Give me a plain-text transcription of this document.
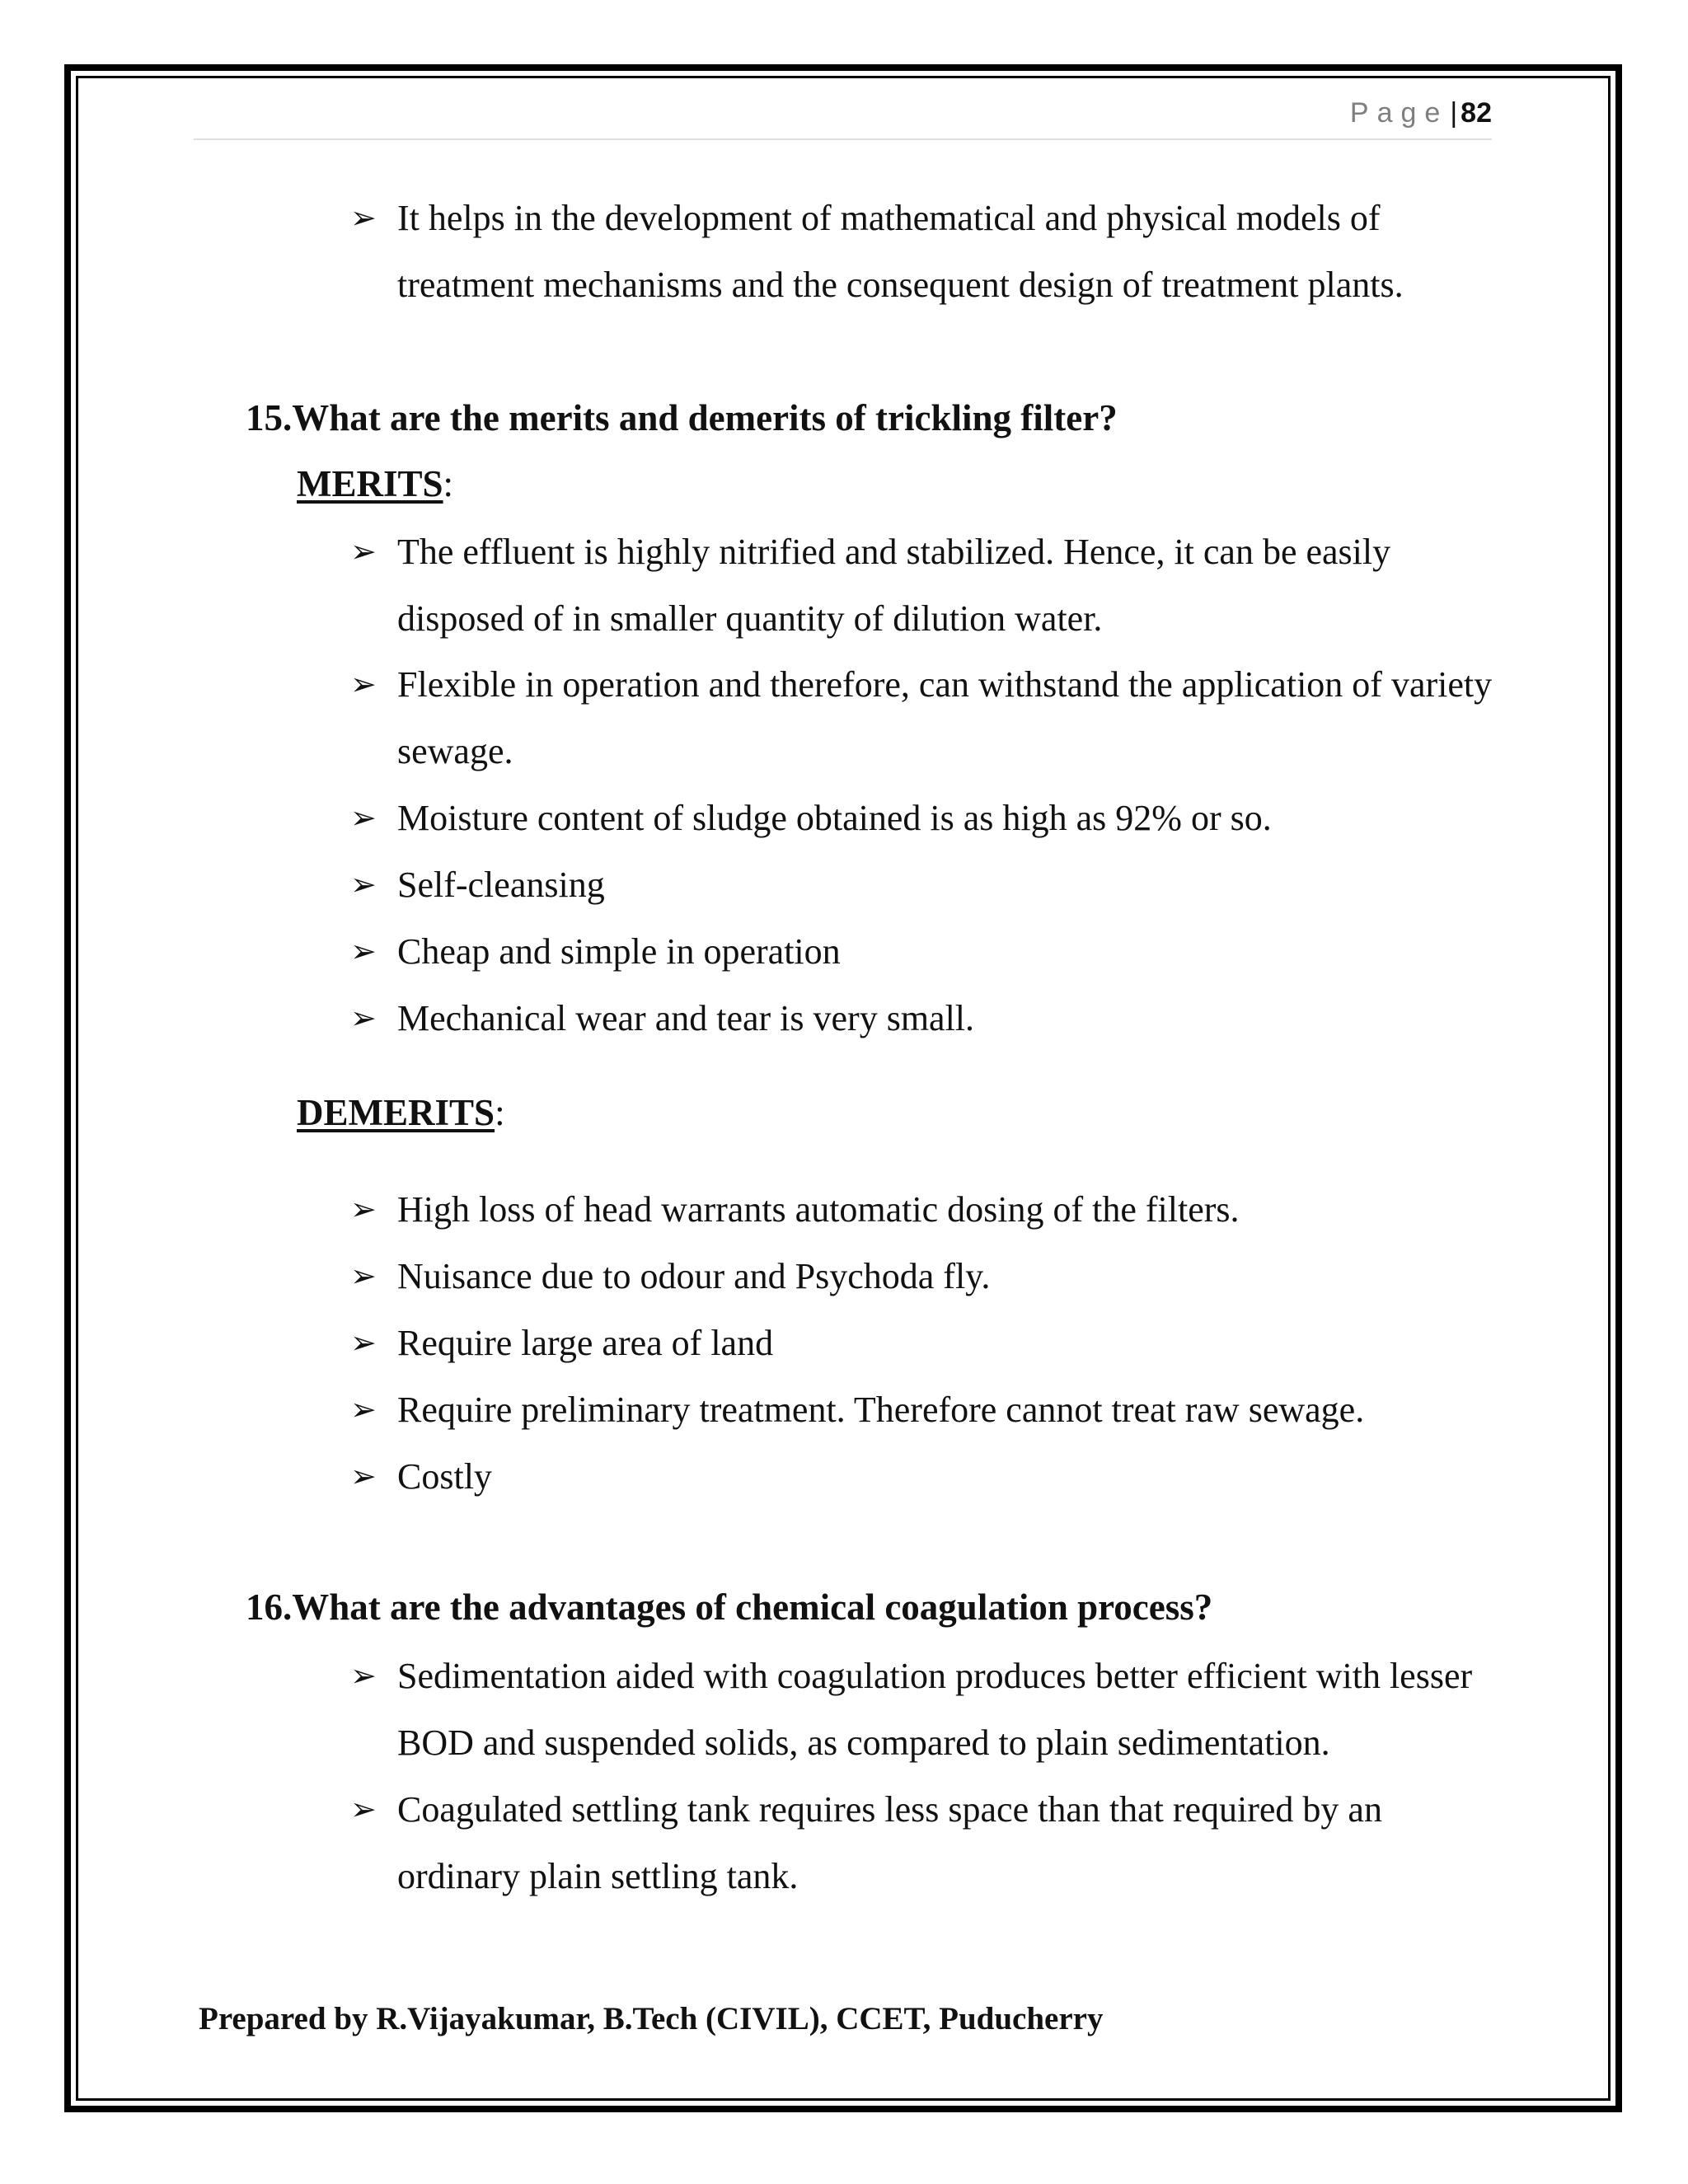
Page| 82
➢ It helps in the development of mathematical and physical models of treatment mechanisms and the consequent design of treatment plants.
15.What are the merits and demerits of trickling filter?
MERITS:
➢ The effluent is highly nitrified and stabilized. Hence, it can be easily disposed of in smaller quantity of dilution water.
➢ Flexible in operation and therefore, can withstand the application of variety sewage.
➢ Moisture content of sludge obtained is as high as 92% or so.
➢ Self-cleansing
➢ Cheap and simple in operation
➢ Mechanical wear and tear is very small.
DEMERITS:
➢ High loss of head warrants automatic dosing of the filters.
➢ Nuisance due to odour and Psychoda fly.
➢ Require large area of land
➢ Require preliminary treatment. Therefore cannot treat raw sewage.
➢ Costly
16.What are the advantages of chemical coagulation process?
➢ Sedimentation aided with coagulation produces better efficient with lesser BOD and suspended solids, as compared to plain sedimentation.
➢ Coagulated settling tank requires less space than that required by an ordinary plain settling tank.
Prepared by R.Vijayakumar, B.Tech (CIVIL), CCET, Puducherry
